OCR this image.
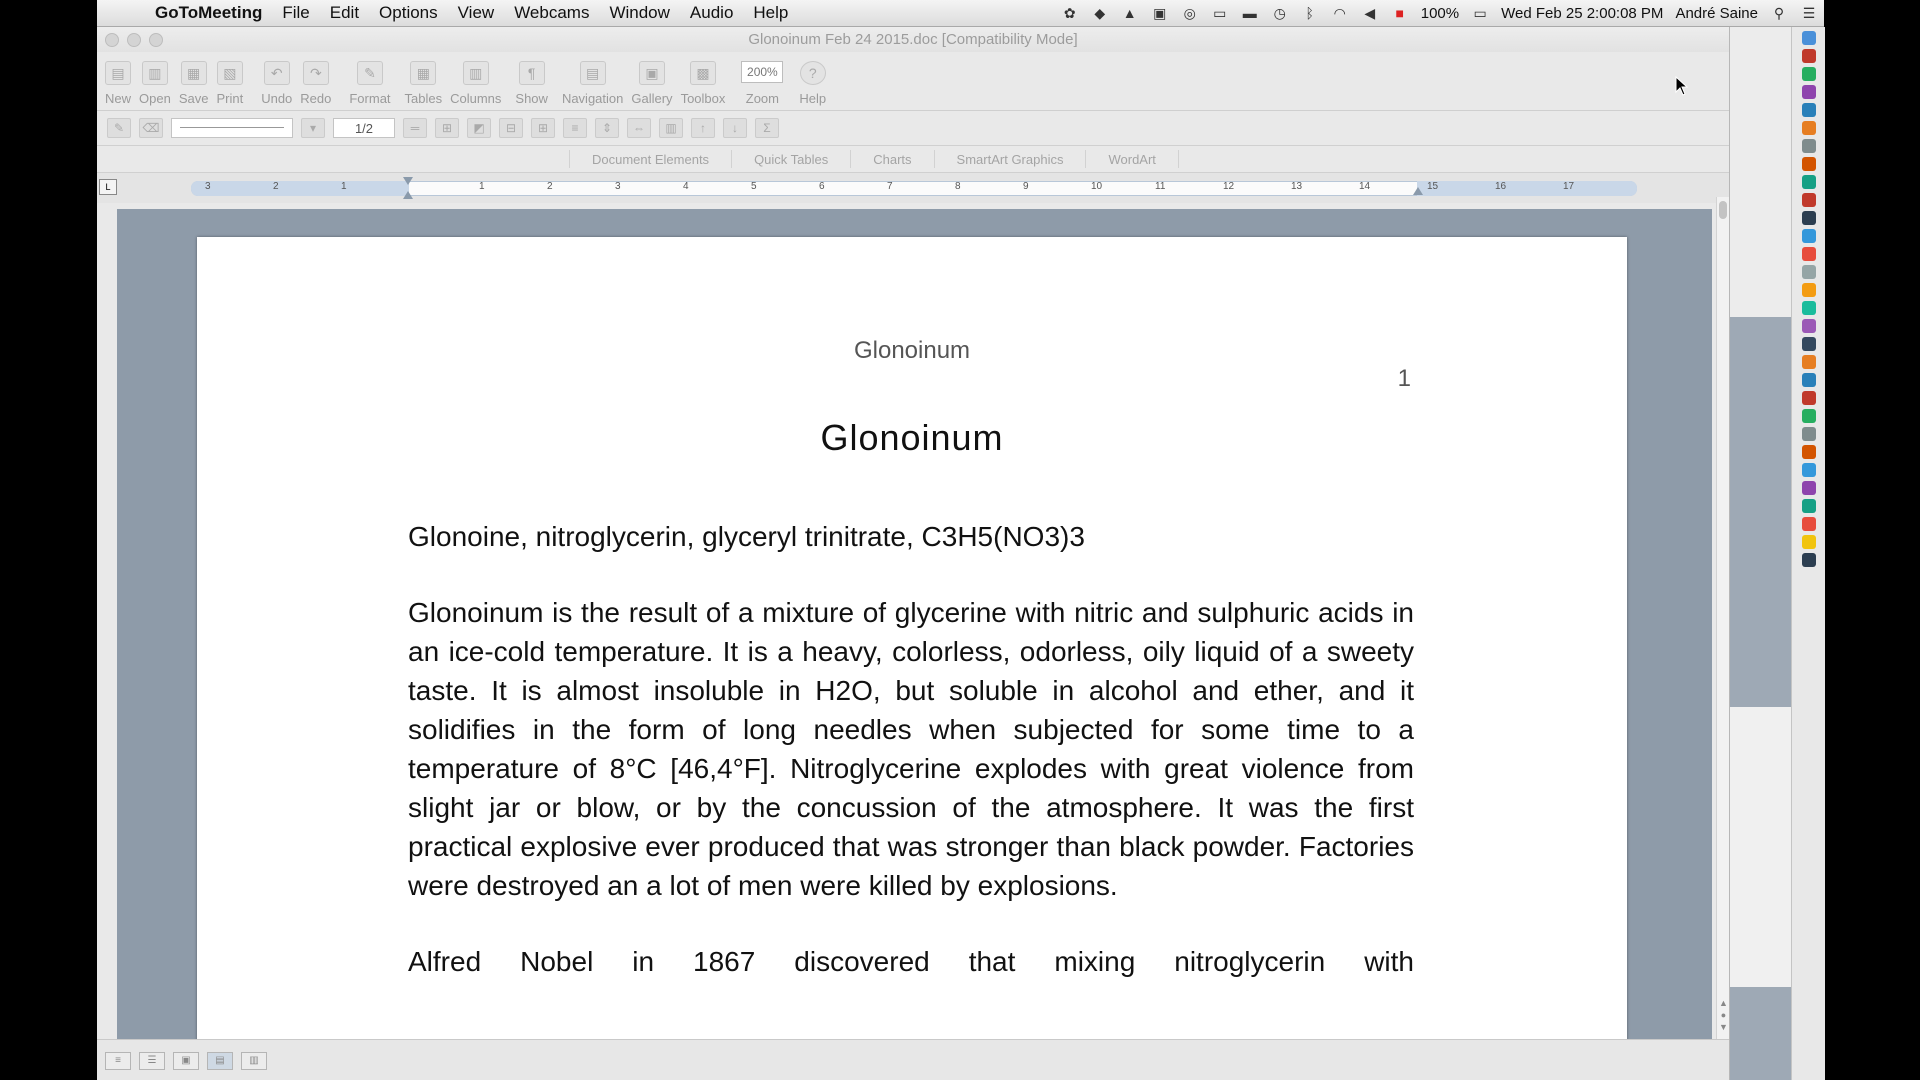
GoToMeeting	File	Edit	Options	View	Webcams	Window	Audio	Help	✿	◆	▲	▣	◎	▭	▬	◷	ᛒ	◠	◀	■	100%	▭ Wed Feb 25 2:00:08 PM André Saine	⚲	☰
Glonoinum Feb 24 2015.doc [Compatibility Mode]
▤
New
▥
Open
▦
Save
▧
Print
↶
Undo
↷
Redo
✎
Format
▦
Tables
▥
Columns
¶
Show
▤
Navigation
▣
Gallery
▩
Toolbox
200%
Zoom
?
Help
✎	⌫	▾	1/2	═	⊞	◩	⊟	⊞	≡	⇕	⇔	▥	↑	↓	Σ
Document Elements	Quick Tables	Charts	SmartArt Graphics	WordArt
L	3	2	1	1	2	3	4	5	6	7	8	9	10	11	12	13	14	15	16	17
Glonoinum
1
Glonoinum

Glonoine, nitroglycerin, glyceryl trinitrate, C3H5(NO3)3

Glonoinum is the result of a mixture of glycerine with nitric and sulphuric acids in an ice-cold temperature. It is a heavy, colorless, odorless, oily liquid of a sweety taste. It is almost insoluble in H2O, but soluble in alcohol and ether, and it solidifies in the form of long needles when subjected for some time to a temperature of 8°C [46,4°F]. Nitroglycerine explodes with great violence from slight jar or blow, or by the concussion of the atmosphere. It was the first practical explosive ever produced that was stronger than black powder. Factories were destroyed an a lot of men were killed by explosions.

Alfred Nobel in 1867 discovered that mixing nitroglycerin with

▲
●
▼
≡	☰	▣	▤	▥
